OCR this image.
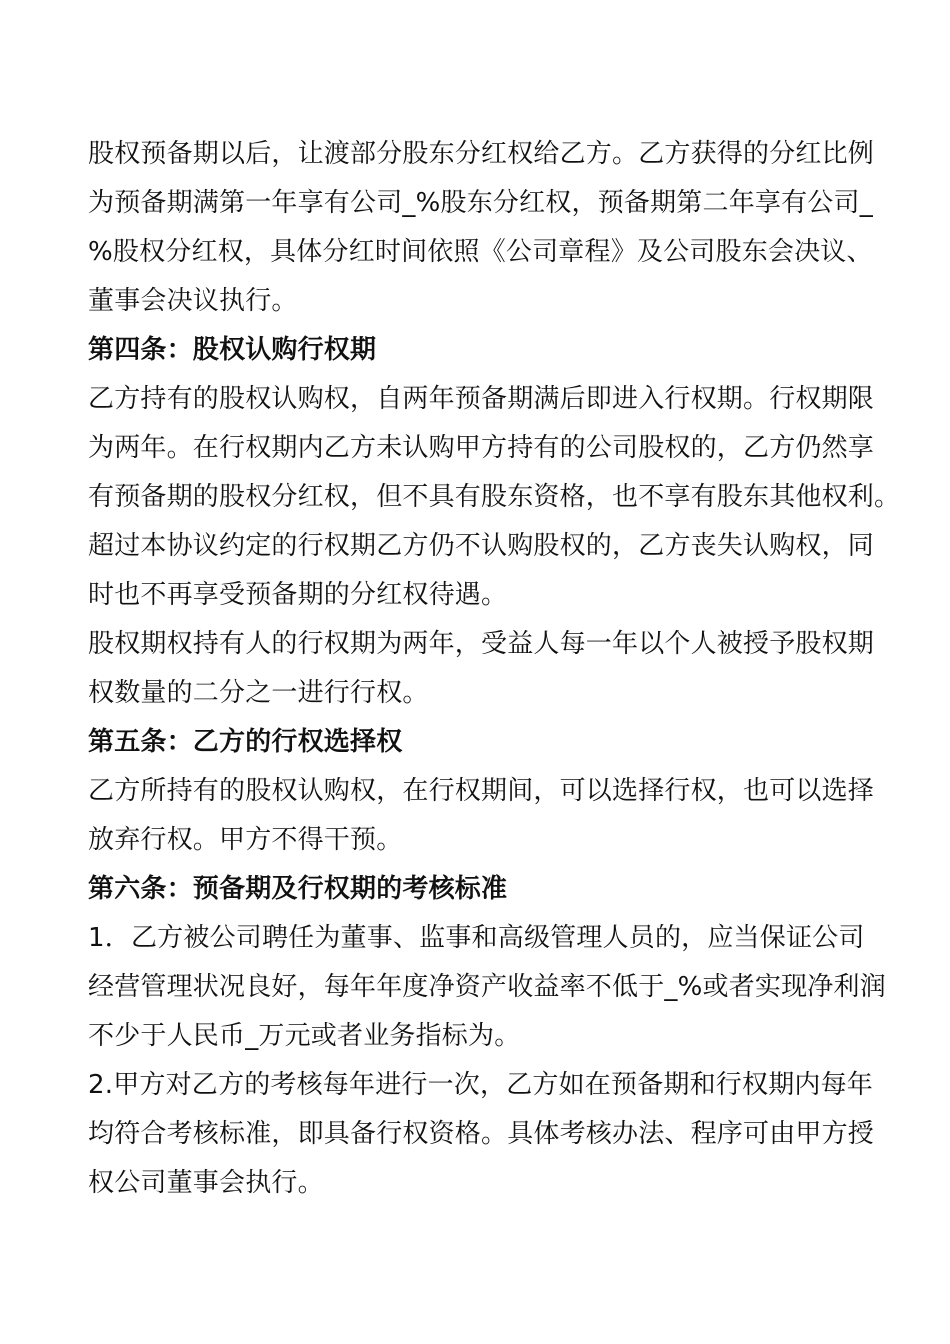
股权预备期以后，让渡部分股东分红权给乙方。乙方获得的分红比例
为预备期满第一年享有公司_%股东分红权，预备期第二年享有公司_
%股权分红权，具体分红时间依照《公司章程》及公司股东会决议、
董事会决议执行。
第四条：股权认购行权期
乙方持有的股权认购权，自两年预备期满后即进入行权期。行权期限
为两年。在行权期内乙方未认购甲方持有的公司股权的，乙方仍然享
有预备期的股权分红权，但不具有股东资格，也不享有股东其他权利。
超过本协议约定的行权期乙方仍不认购股权的，乙方丧失认购权，同
时也不再享受预备期的分红权待遇。
股权期权持有人的行权期为两年，受益人每一年以个人被授予股权期
权数量的二分之一进行行权。
第五条：乙方的行权选择权
乙方所持有的股权认购权，在行权期间，可以选择行权，也可以选择
放弃行权。甲方不得干预。
第六条：预备期及行权期的考核标准
1．乙方被公司聘任为董事、监事和高级管理人员的，应当保证公司
经营管理状况良好，每年年度净资产收益率不低于_%或者实现净利润
不少于人民币_万元或者业务指标为。
2.甲方对乙方的考核每年进行一次，乙方如在预备期和行权期内每年
均符合考核标准，即具备行权资格。具体考核办法、程序可由甲方授
权公司董事会执行。
